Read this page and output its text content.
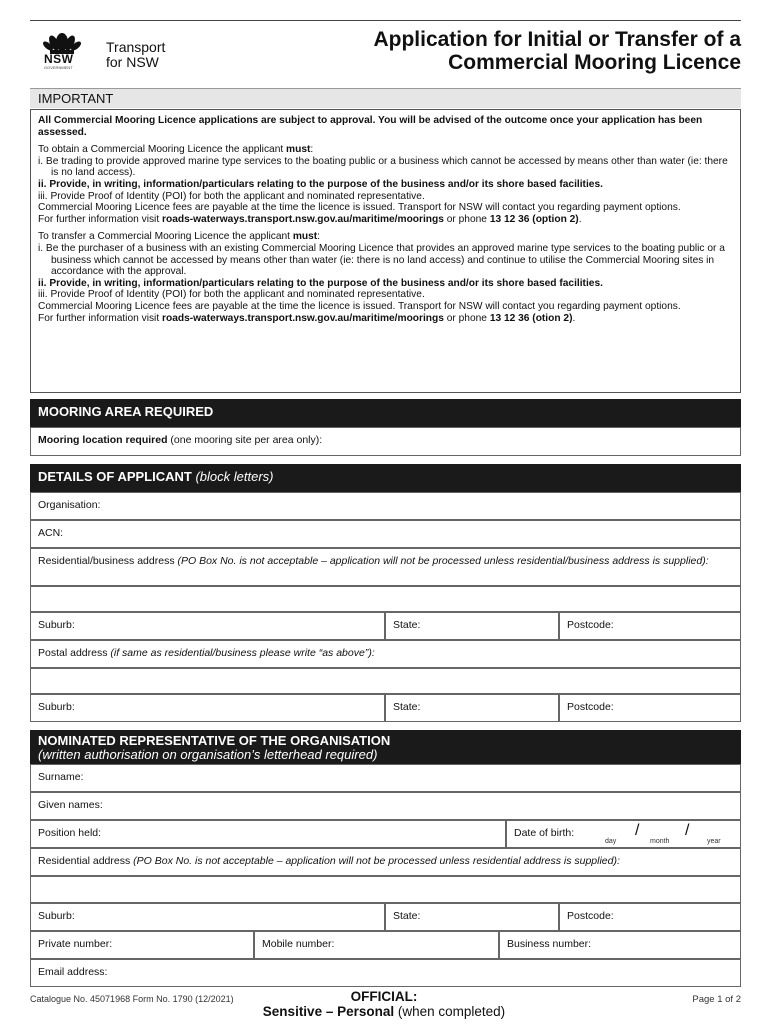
NSW
GOVERNMENT
Transport
for NSW
Application for Initial or Transfer of a
Commercial Mooring Licence
IMPORTANT

All Commercial Mooring Licence applications are subject to approval. You will be advised of the outcome once your application has been assessed.

To obtain a Commercial Mooring Licence the applicant must:

i. Be trading to provide approved marine type services to the boating public or a business which cannot be accessed by means other than water (ie: there is no land access).

ii. Provide, in writing, information/particulars relating to the purpose of the business and/or its shore based facilities.

iii. Provide Proof of Identity (POI) for both the applicant and nominated representative.

Commercial Mooring Licence fees are payable at the time the licence is issued. Transport for NSW will contact you regarding payment options.

For further information visit roads-waterways.transport.nsw.gov.au/maritime/moorings or phone 13 12 36 (option 2).

To transfer a Commercial Mooring Licence the applicant must:

i. Be the purchaser of a business with an existing Commercial Mooring Licence that provides an approved marine type services to the boating public or a business which cannot be accessed by means other than water (ie: there is no land access) and continue to utilise the Commercial Mooring sites in accordance with the approval.

ii. Provide, in writing, information/particulars relating to the purpose of the business and/or its shore based facilities.

iii. Provide Proof of Identity (POI) for both the applicant and nominated representative.

Commercial Mooring Licence fees are payable at the time the licence is issued. Transport for NSW will contact you regarding payment options.

For further information visit roads-waterways.transport.nsw.gov.au/maritime/moorings or phone 13 12 36 (otion 2).

MOORING AREA REQUIRED
Mooring location required (one mooring site per area only):
DETAILS OF APPLICANT (block letters)
Organisation:
ACN:
Residential/business address (PO Box No. is not acceptable – application will not be processed unless residential/business address is supplied):
Suburb:	State:	Postcode:
Postal address (if same as residential/business please write “as above”):
Suburb:	State:	Postcode:
NOMINATED REPRESENTATIVE OF THE ORGANISATION
(written authorisation on organisation’s letterhead required)
Surname:
Given names:
Position held:	Date of birth:
day
/
month
/
year
Residential address (PO Box No. is not acceptable – application will not be processed unless residential address is supplied):
Suburb:	State:	Postcode:
Private number:	Mobile number:	Business number:
Email address:
Catalogue No. 45071968 Form No. 1790 (12/2021)	OFFICIAL:
Sensitive – Personal (when completed)
Page 1 of 2
